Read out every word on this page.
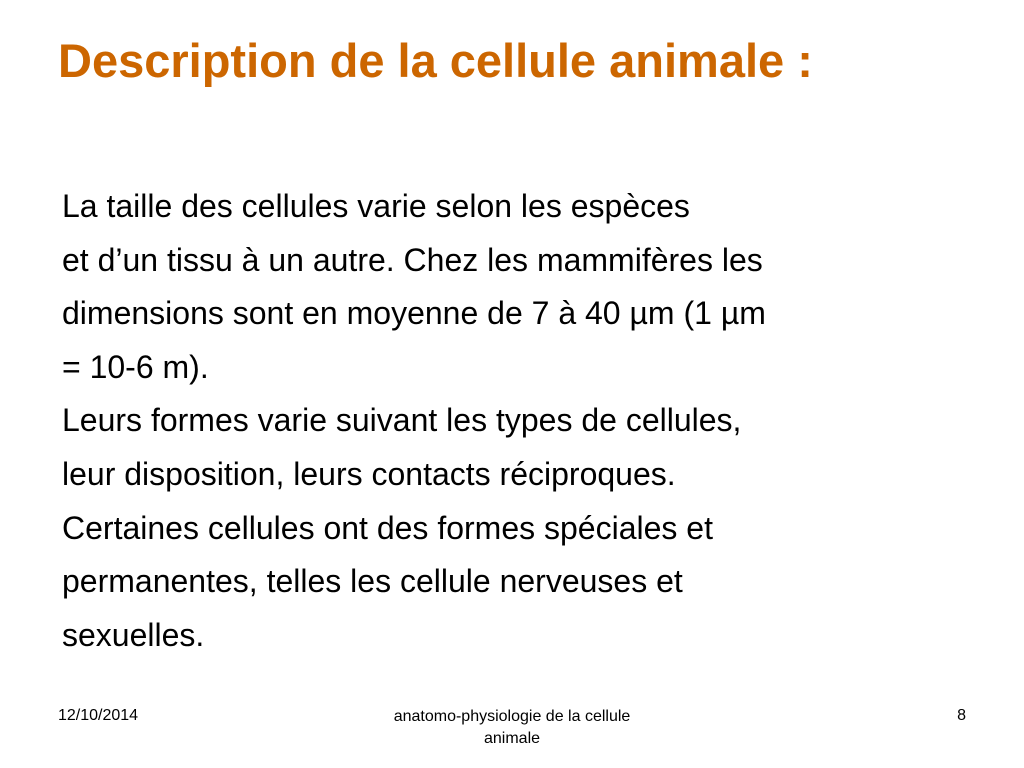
Description de la cellule animale :
La taille des cellules varie selon les espèces
et d’un tissu à un autre. Chez les mammifères les
dimensions sont en moyenne de 7 à 40 µm (1 µm
= 10-6 m).
Leurs formes varie suivant les types de cellules,
leur disposition, leurs contacts réciproques.
Certaines cellules ont des formes spéciales et
permanentes, telles les cellule nerveuses et
sexuelles.
12/10/2014	anatomo-physiologie de la cellule
animale
8
